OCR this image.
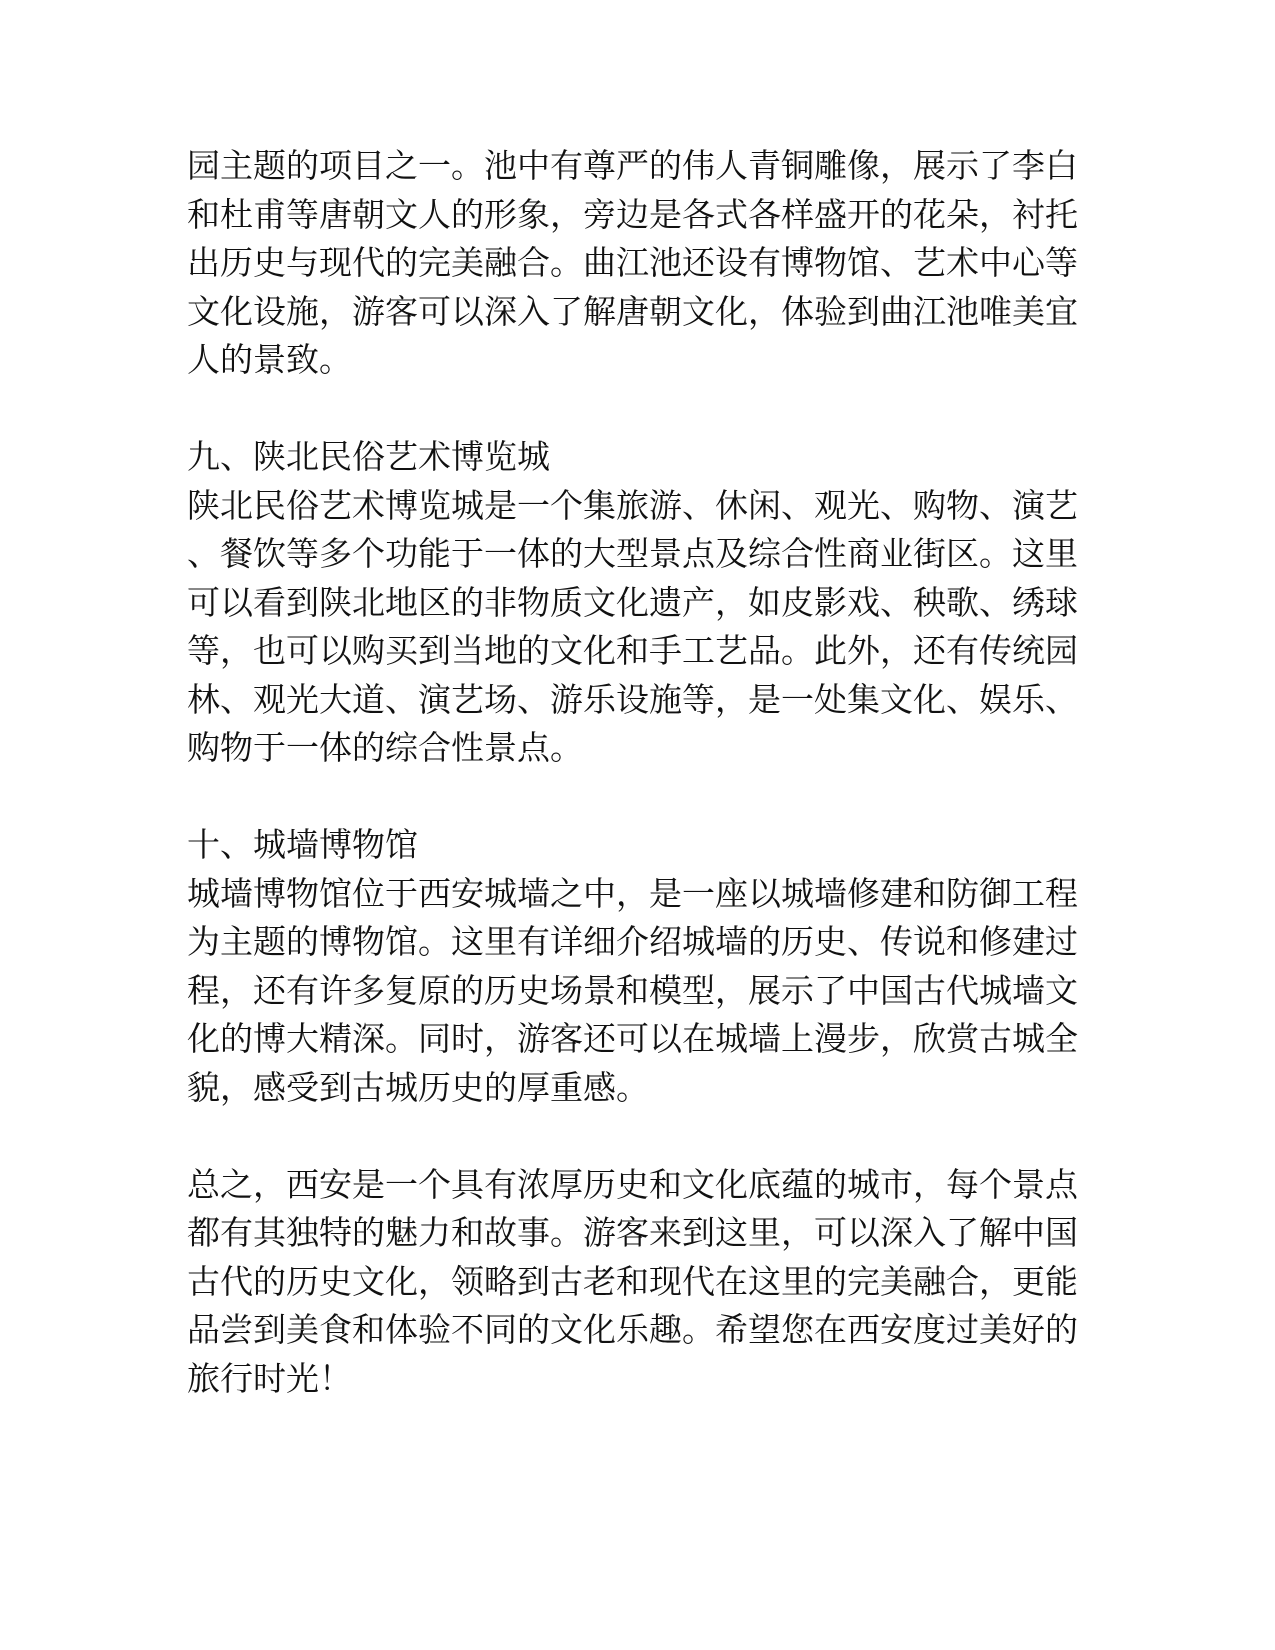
园主题的项目之一。池中有尊严的伟人青铜雕像，展示了李白
和杜甫等唐朝文人的形象，旁边是各式各样盛开的花朵，衬托
出历史与现代的完美融合。曲江池还设有博物馆、艺术中心等
文化设施，游客可以深入了解唐朝文化，体验到曲江池唯美宜
人的景致。
九、陕北民俗艺术博览城
陕北民俗艺术博览城是一个集旅游、休闲、观光、购物、演艺
、餐饮等多个功能于一体的大型景点及综合性商业街区。这里
可以看到陕北地区的非物质文化遗产，如皮影戏、秧歌、绣球
等，也可以购买到当地的文化和手工艺品。此外，还有传统园
林、观光大道、演艺场、游乐设施等，是一处集文化、娱乐、
购物于一体的综合性景点。
十、城墙博物馆
城墙博物馆位于西安城墙之中，是一座以城墙修建和防御工程
为主题的博物馆。这里有详细介绍城墙的历史、传说和修建过
程，还有许多复原的历史场景和模型，展示了中国古代城墙文
化的博大精深。同时，游客还可以在城墙上漫步，欣赏古城全
貌，感受到古城历史的厚重感。
总之，西安是一个具有浓厚历史和文化底蕴的城市，每个景点
都有其独特的魅力和故事。游客来到这里，可以深入了解中国
古代的历史文化，领略到古老和现代在这里的完美融合，更能
品尝到美食和体验不同的文化乐趣。希望您在西安度过美好的
旅行时光！
